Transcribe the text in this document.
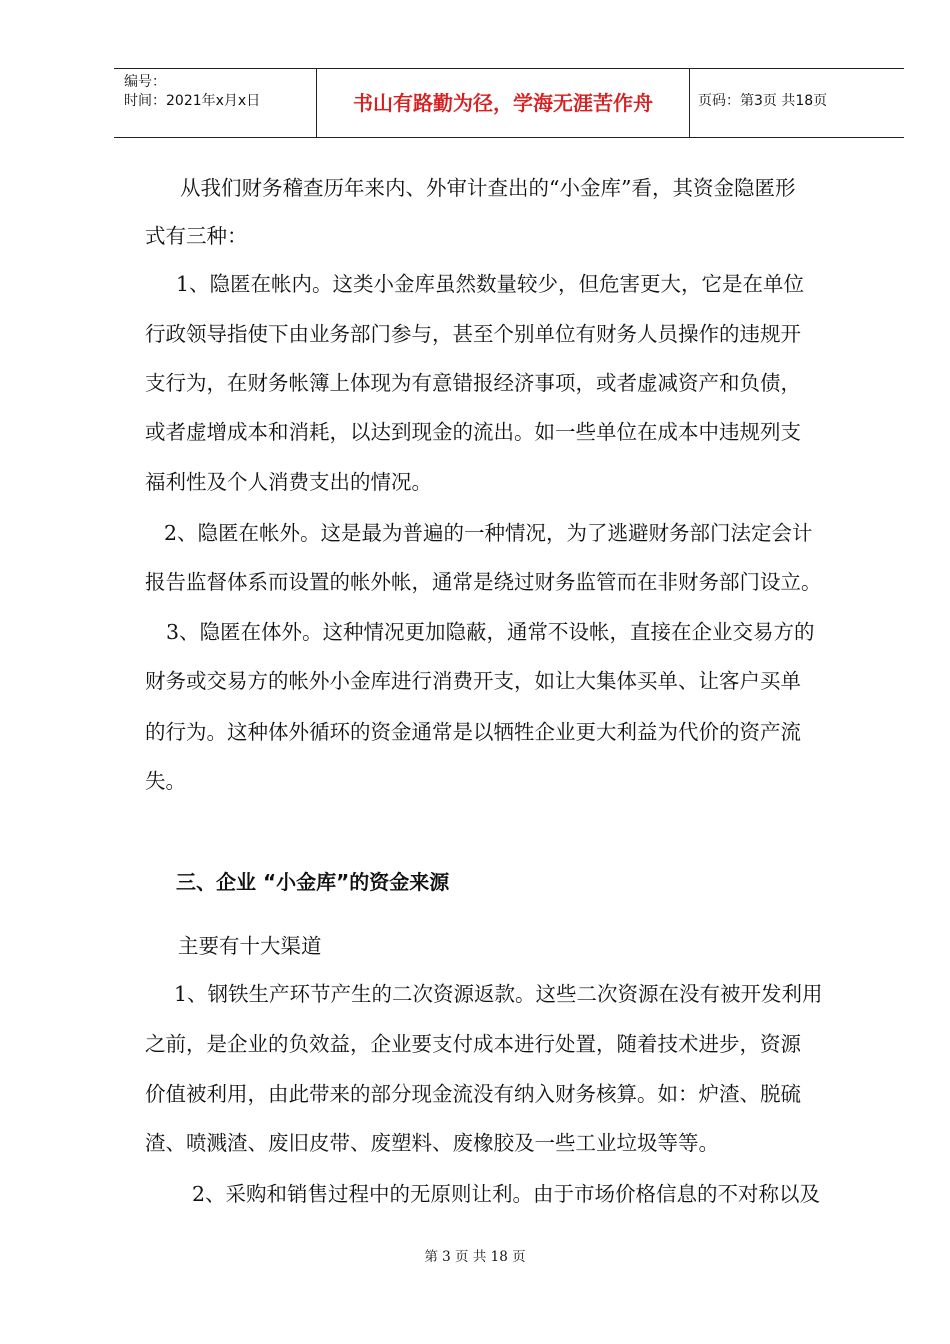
编号：
时间：2021年x月x日	书山有路勤为径，学海无涯苦作舟	页码：第3页 共18页
从我们财务稽查历年来内、外审计查出的“小金库”看，其资金隐匿形
式有三种：
1、隐匿在帐内。这类小金库虽然数量较少，但危害更大，它是在单位
行政领导指使下由业务部门参与，甚至个别单位有财务人员操作的违规开
支行为，在财务帐簿上体现为有意错报经济事项，或者虚减资产和负债，
或者虚增成本和消耗，以达到现金的流出。如一些单位在成本中违规列支
福利性及个人消费支出的情况。
2、隐匿在帐外。这是最为普遍的一种情况，为了逃避财务部门法定会计
报告监督体系而设置的帐外帐，通常是绕过财务监管而在非财务部门设立。
3、隐匿在体外。这种情况更加隐蔽，通常不设帐，直接在企业交易方的
财务或交易方的帐外小金库进行消费开支，如让大集体买单、让客户买单
的行为。这种体外循环的资金通常是以牺牲企业更大利益为代价的资产流
失。
三、企业 “小金库”的资金来源
主要有十大渠道
1、钢铁生产环节产生的二次资源返款。这些二次资源在没有被开发利用
之前，是企业的负效益，企业要支付成本进行处置，随着技术进步，资源
价值被利用，由此带来的部分现金流没有纳入财务核算。如：炉渣、脱硫
渣、喷溅渣、废旧皮带、废塑料、废橡胶及一些工业垃圾等等。
2、采购和销售过程中的无原则让利。由于市场价格信息的不对称以及
第 3 页 共 18 页
